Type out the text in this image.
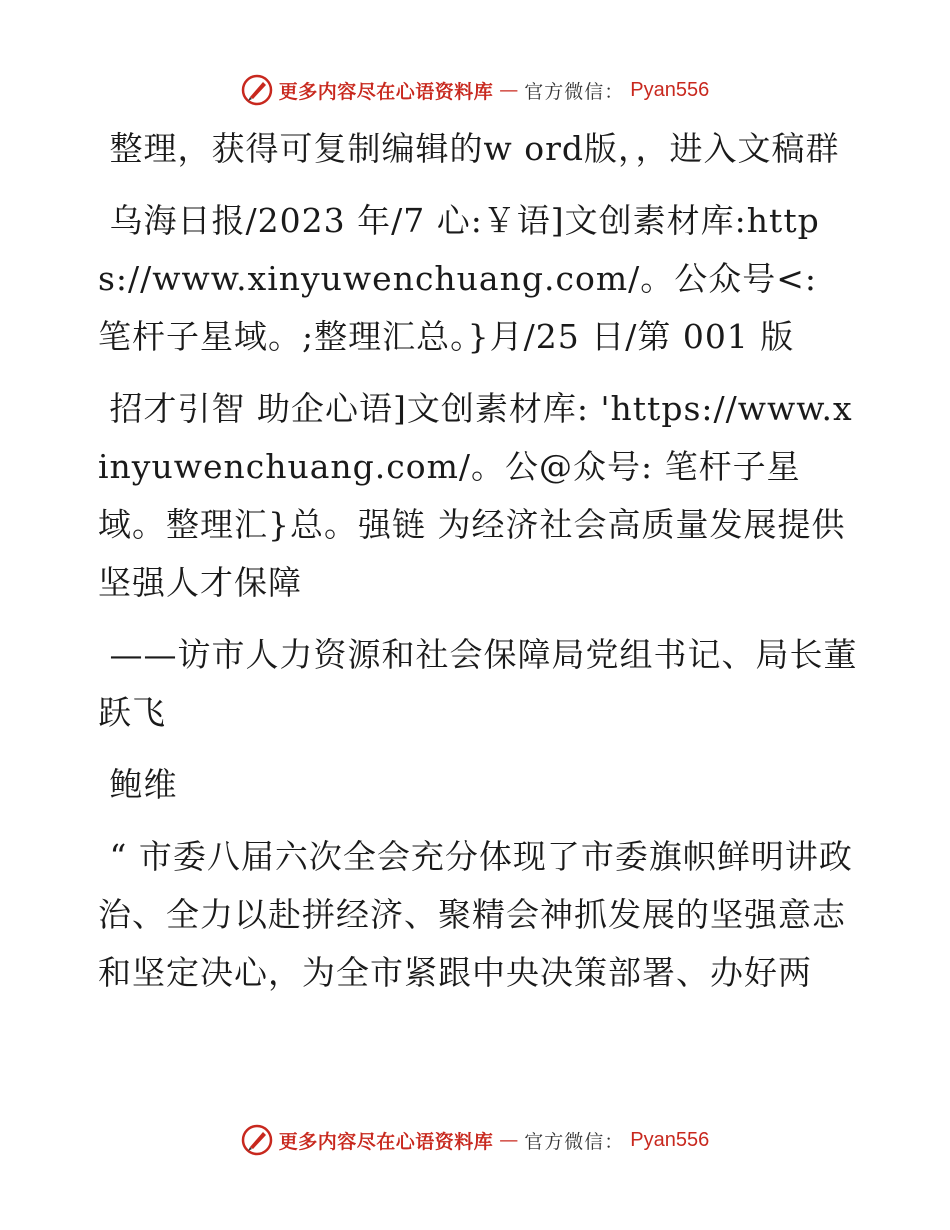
更多内容尽在心语资料库 — 官方微信： Pyan556

整理，获得可复制编辑的w ord版，，进入文稿群

乌海日报/2023 年/7 心:￥语]文创素材库:https://www.xinyuwenchuang.com/。公众号<: 笔杆子星域。;整理汇总。}月/25 日/第 001 版

招才引智 助企心语]文创素材库: 'https://www.xinyuwenchuang.com/。公@众号: 笔杆子星域。整理汇}总。强链 为经济社会高质量发展提供坚强人才保障

——访市人力资源和社会保障局党组书记、局长董跃飞

鲍维

“ 市委八届六次全会充分体现了市委旗帜鲜明讲政治、全力以赴拼经济、聚精会神抓发展的坚强意志和坚定决心，为全市紧跟中央决策部署、办好两

更多内容尽在心语资料库 — 官方微信： Pyan556
